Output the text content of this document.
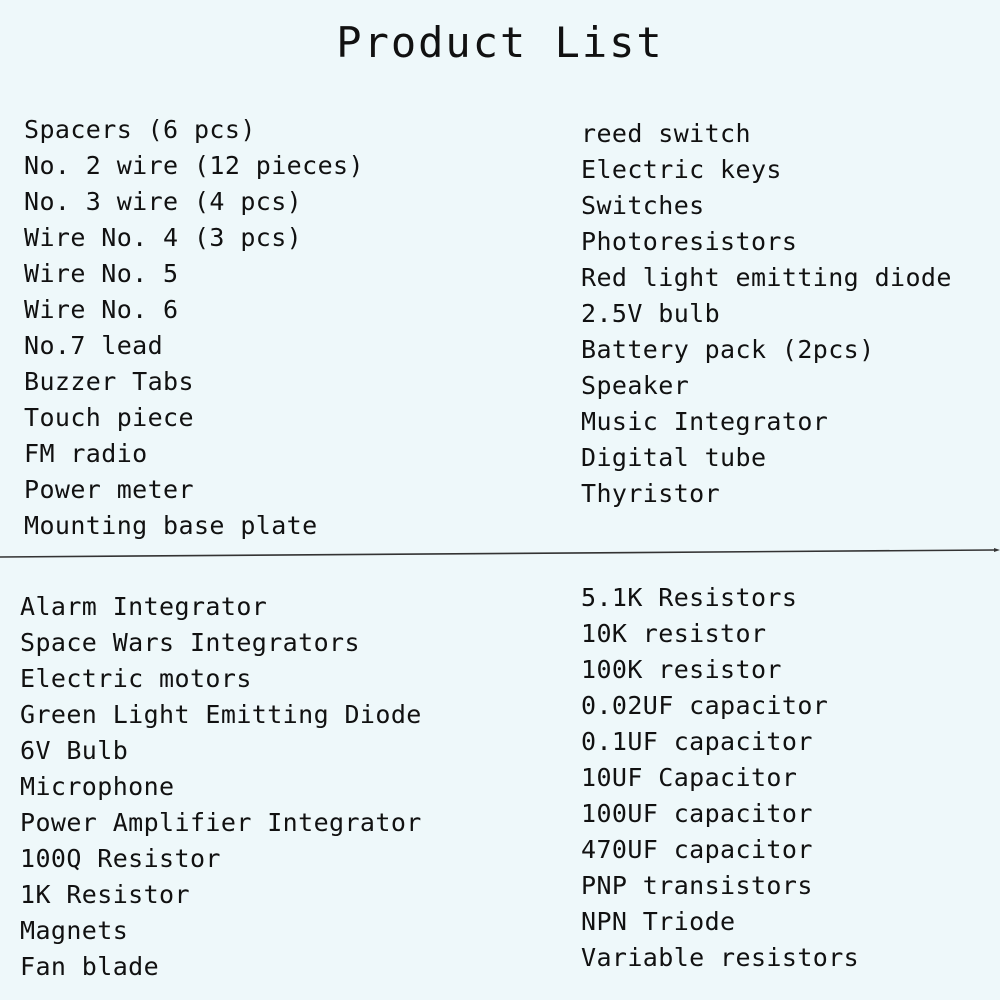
Product List
Spacers (6 pcs)
No. 2 wire (12 pieces)
No. 3 wire (4 pcs)
Wire No. 4 (3 pcs)
Wire No. 5
Wire No. 6
No.7 lead
Buzzer Tabs
Touch piece
FM radio
Power meter
Mounting base plate
reed switch
Electric keys
Switches
Photoresistors
Red light emitting diode
2.5V bulb
Battery pack (2pcs)
Speaker
Music Integrator
Digital tube
Thyristor
Alarm Integrator
Space Wars Integrators
Electric motors
Green Light Emitting Diode
6V Bulb
Microphone
Power Amplifier Integrator
100Q Resistor
1K Resistor
Magnets
Fan blade
5.1K Resistors
10K resistor
100K resistor
0.02UF capacitor
0.1UF capacitor
10UF Capacitor
100UF capacitor
470UF capacitor
PNP transistors
NPN Triode
Variable resistors
